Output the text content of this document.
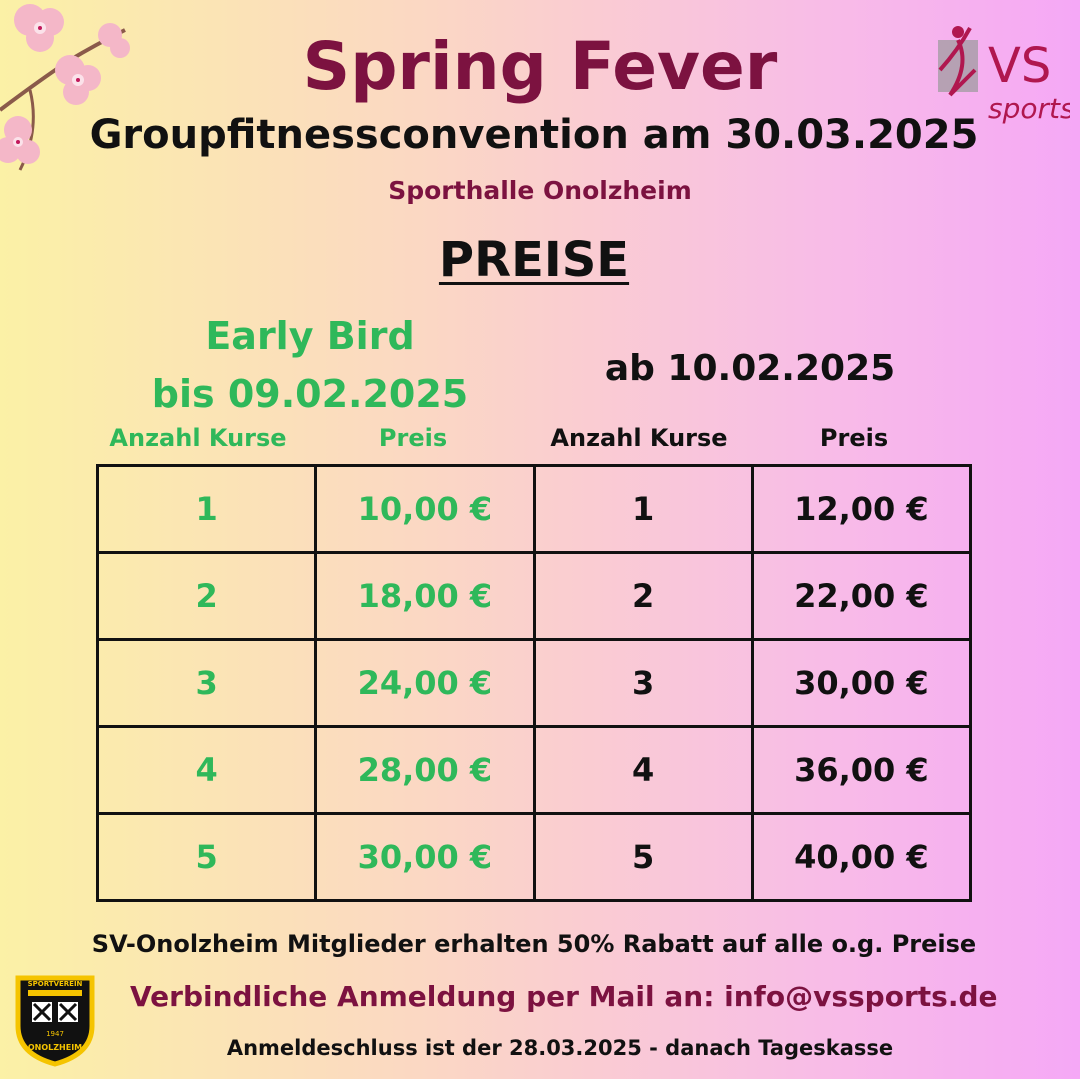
VS
sports
Spring Fever
Groupfitnessconvention am 30.03.2025
Sporthalle Onolzheim
PREISE
Early Bird
bis 09.02.2025
ab 10.02.2025
Anzahl Kurse	Preis	Anzahl Kurse	Preis
1	10,00 €	1	12,00 €
2	18,00 €	2	22,00 €
3	24,00 €	3	30,00 €
4	28,00 €	4	36,00 €
5	30,00 €	5	40,00 €
SV-Onolzheim Mitglieder erhalten 50% Rabatt auf alle o.g. Preise
Verbindliche Anmeldung per Mail an: info@vssports.de
Anmeldeschluss ist der 28.03.2025 - danach Tageskasse
SPORTVEREIN
1947
ONOLZHEIM
